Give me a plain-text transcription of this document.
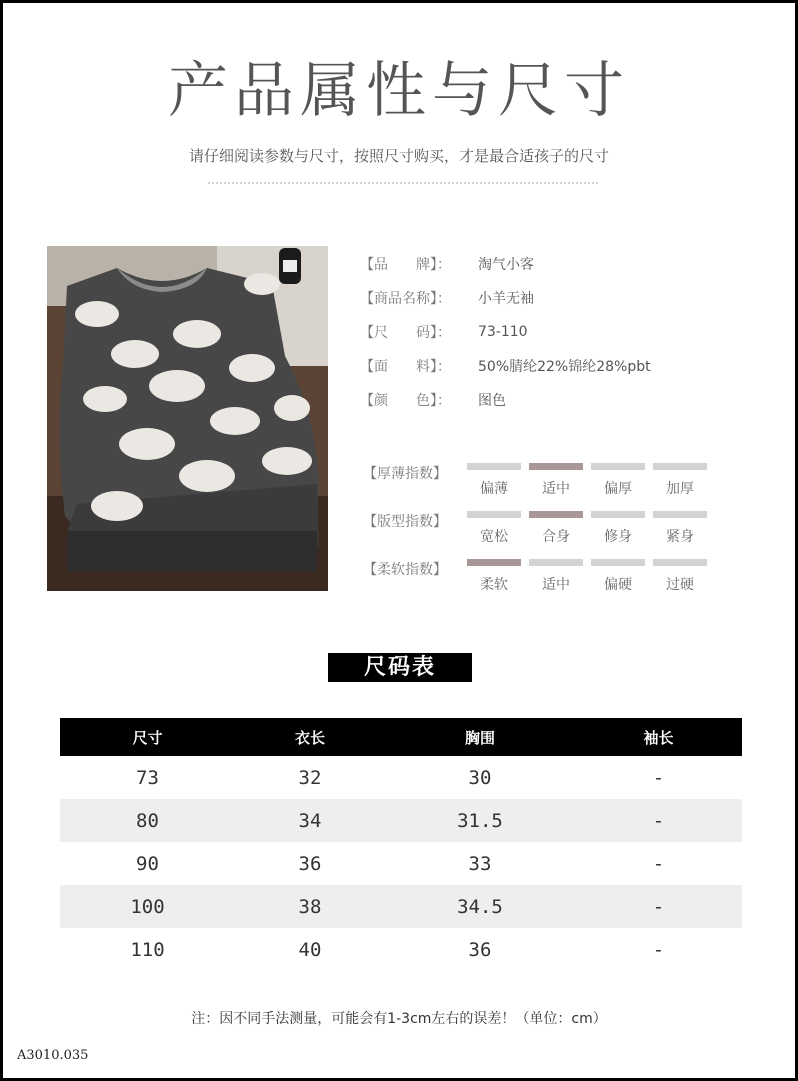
产品属性与尺寸
请仔细阅读参数与尺寸，按照尺寸购买，才是最合适孩子的尺寸
【品　　牌】：	淘气小客
【商品名称】：	小羊无袖
【尺　　码】：	73-110
【面　　料】：	50%腈纶22%锦纶28%pbt
【颜　　色】：	图色
【厚薄指数】
偏薄	适中	偏厚	加厚
【版型指数】
宽松	合身	修身	紧身
【柔软指数】
柔软	适中	偏硬	过硬
尺码表
尺寸	衣长	胸围	袖长
73	32	30	-
80	34	31.5	-
90	36	33	-
100	38	34.5	-
110	40	36	-
注：因不同手法测量，可能会有1-3cm左右的误差！（单位：cm）
A3010.035
